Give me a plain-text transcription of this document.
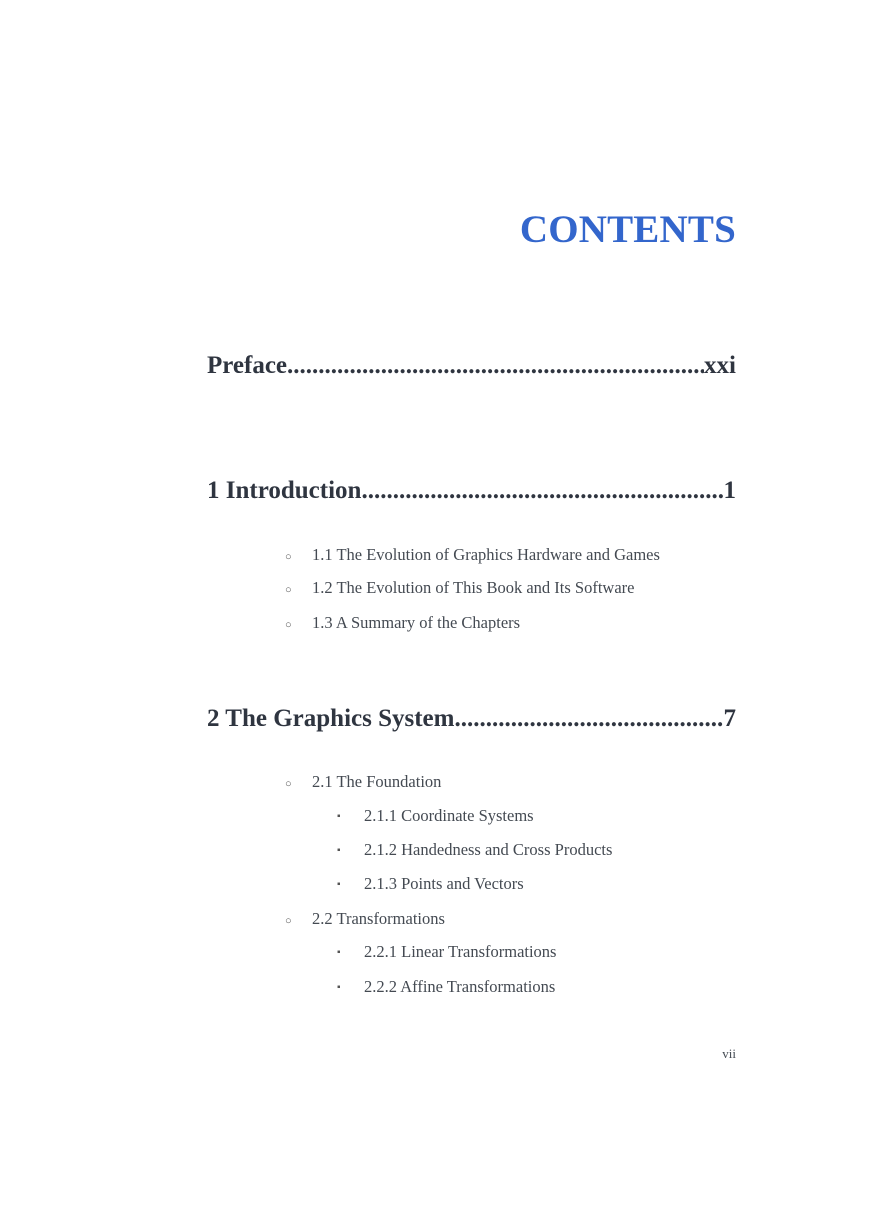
CONTENTS
Preface .....	xxi
1 Introduction .....	1
○ 1.1 The Evolution of Graphics Hardware and Games
○ 1.2 The Evolution of This Book and Its Software
○ 1.3 A Summary of the Chapters
2 The Graphics System .....	7
○ 2.1 The Foundation
▪ 2.1.1 Coordinate Systems
▪ 2.1.2 Handedness and Cross Products
▪ 2.1.3 Points and Vectors
○ 2.2 Transformations
▪ 2.2.1 Linear Transformations
▪ 2.2.2 Affine Transformations
vii
